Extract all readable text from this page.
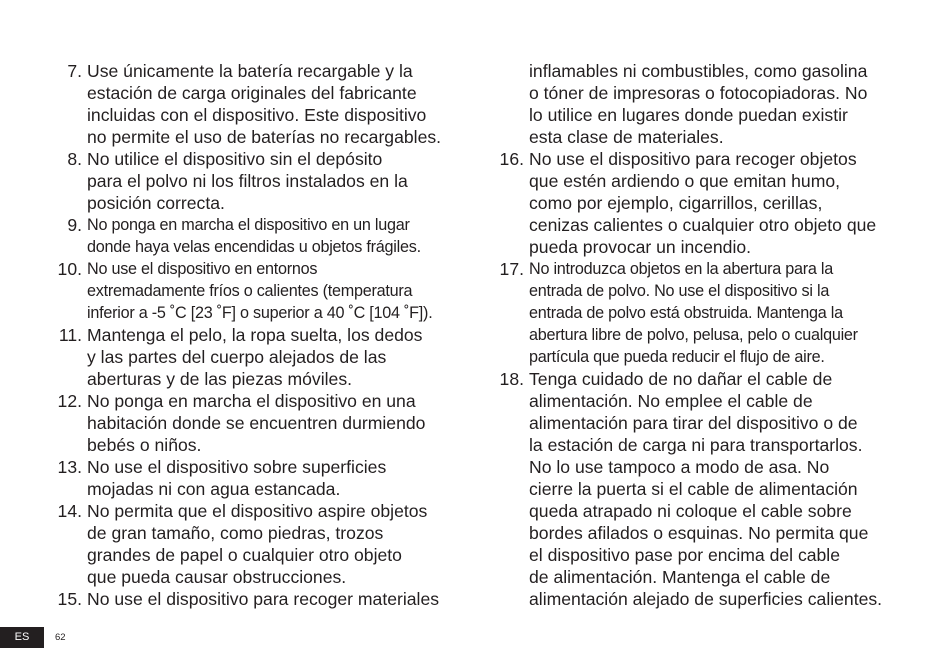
7. Use únicamente la batería recargable y la
estación de carga originales del fabricante
incluidas con el dispositivo. Este dispositivo
no permite el uso de baterías no recargables.
8. No utilice el dispositivo sin el depósito
para el polvo ni los filtros instalados en la
posición correcta.
9. No ponga en marcha el dispositivo en un lugar
donde haya velas encendidas u objetos frágiles.
10. No use el dispositivo en entornos
extremadamente fríos o calientes (temperatura
inferior a -5 ˚C [23 ˚F] o superior a 40 ˚C [104 ˚F]).
11. Mantenga el pelo, la ropa suelta, los dedos
y las partes del cuerpo alejados de las
aberturas y de las piezas móviles.
12. No ponga en marcha el dispositivo en una
habitación donde se encuentren durmiendo
bebés o niños.
13. No use el dispositivo sobre superficies
mojadas ni con agua estancada.
14. No permita que el dispositivo aspire objetos
de gran tamaño, como piedras, trozos
grandes de papel o cualquier otro objeto
que pueda causar obstrucciones.
15. No use el dispositivo para recoger materiales
inflamables ni combustibles, como gasolina
o tóner de impresoras o fotocopiadoras. No
lo utilice en lugares donde puedan existir
esta clase de materiales.
16. No use el dispositivo para recoger objetos
que estén ardiendo o que emitan humo,
como por ejemplo, cigarrillos, cerillas,
cenizas calientes o cualquier otro objeto que
pueda provocar un incendio.
17. No introduzca objetos en la abertura para la
entrada de polvo. No use el dispositivo si la
entrada de polvo está obstruida. Mantenga la
abertura libre de polvo, pelusa, pelo o cualquier
partícula que pueda reducir el flujo de aire.
18. Tenga cuidado de no dañar el cable de
alimentación. No emplee el cable de
alimentación para tirar del dispositivo o de
la estación de carga ni para transportarlos.
No lo use tampoco a modo de asa. No
cierre la puerta si el cable de alimentación
queda atrapado ni coloque el cable sobre
bordes afilados o esquinas. No permita que
el dispositivo pase por encima del cable
de alimentación. Mantenga el cable de
alimentación alejado de superficies calientes.
ES	62
